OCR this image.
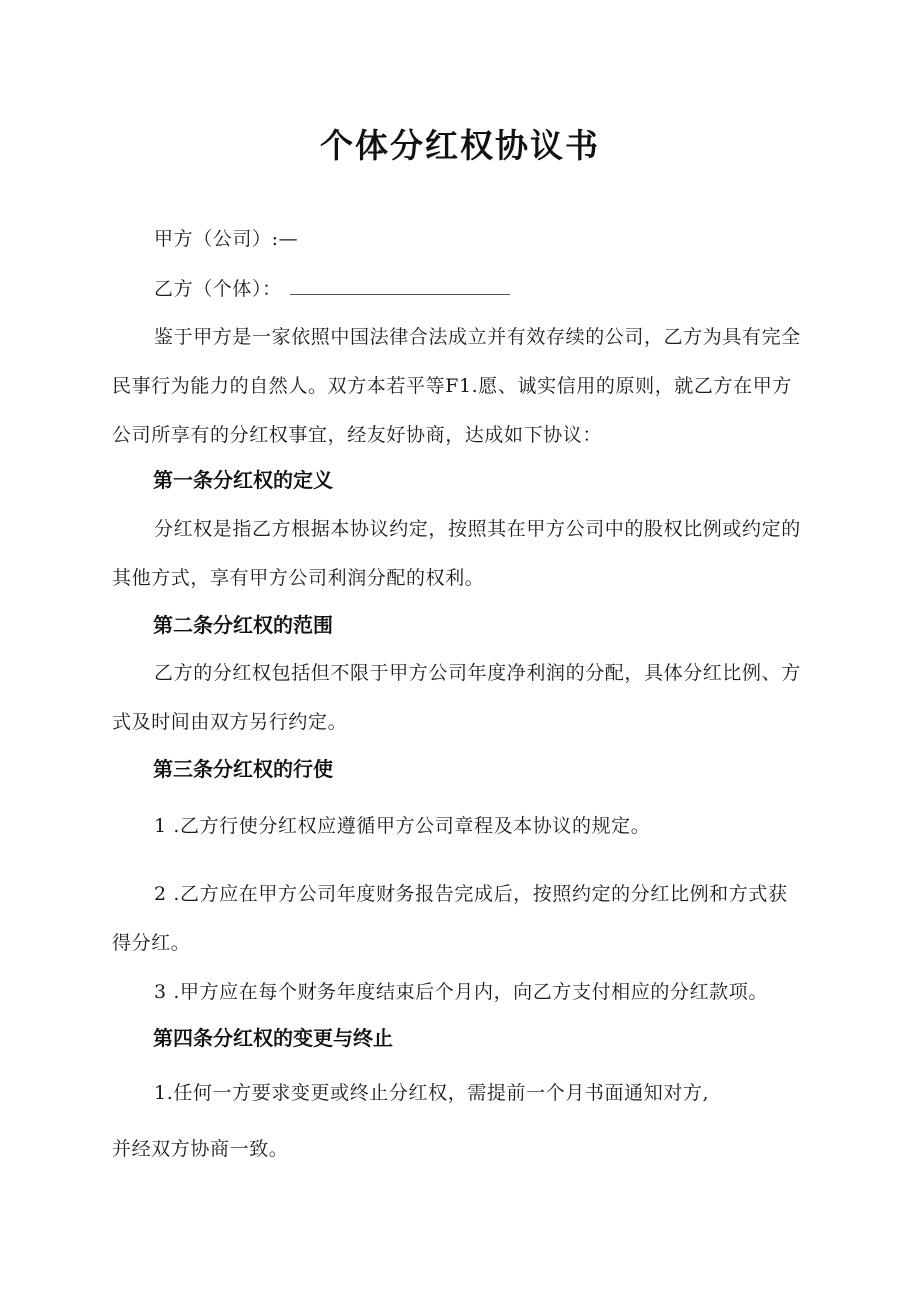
个体分红权协议书

甲方（公司）:—

乙方（个体）：

鉴于甲方是一家依照中国法律合法成立并有效存续的公司，乙方为具有完全

民事行为能力的自然人。双方本若平等F1.愿、诚实信用的原则，就乙方在甲方

公司所享有的分红权事宜，经友好协商，达成如下协议：

第一条分红权的定义

分红权是指乙方根据本协议约定，按照其在甲方公司中的股权比例或约定的

其他方式，享有甲方公司利润分配的权利。

第二条分红权的范围

乙方的分红权包括但不限于甲方公司年度净利润的分配，具体分红比例、方

式及时间由双方另行约定。

第三条分红权的行使

1 .乙方行使分红权应遵循甲方公司章程及本协议的规定。

2 .乙方应在甲方公司年度财务报告完成后，按照约定的分红比例和方式获

得分红。

3 .甲方应在每个财务年度结束后个月内，向乙方支付相应的分红款项。

第四条分红权的变更与终止

1.任何一方要求变更或终止分红权，需提前一个月书面通知对方,

并经双方协商一致。
